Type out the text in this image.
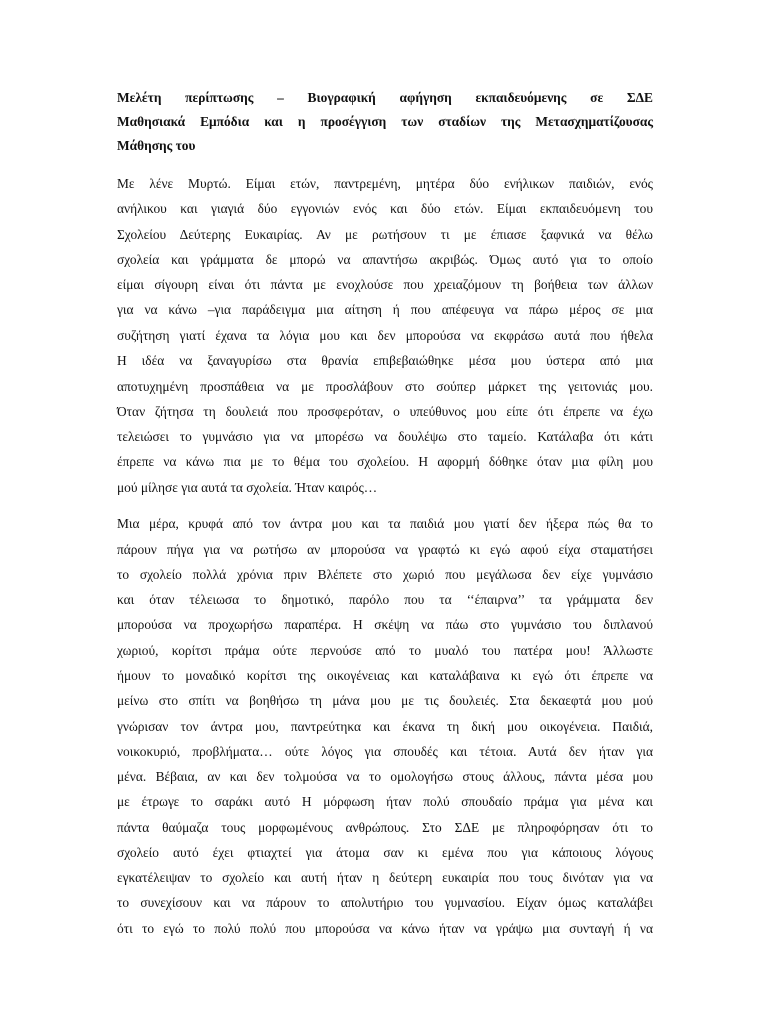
Μελέτη περίπτωσης – Βιογραφική αφήγηση εκπαιδευόμενης σε ΣΔΕ
Μαθησιακά Εμπόδια και η προσέγγιση των σταδίων της Μετασχηματίζουσας
Μάθησης του
Με λένε Μυρτώ. Είμαι ετών, παντρεμένη, μητέρα δύο ενήλικων παιδιών, ενός
ανήλικου και γιαγιά δύο εγγονιών ενός και δύο ετών. Είμαι εκπαιδευόμενη του
Σχολείου Δεύτερης Ευκαιρίας. Αν με ρωτήσουν τι με έπιασε ξαφνικά να θέλω
σχολεία και γράμματα δε μπορώ να απαντήσω ακριβώς. Όμως αυτό για το οποίο
είμαι σίγουρη είναι ότι πάντα με ενοχλούσε που χρειαζόμουν τη βοήθεια των άλλων
για να κάνω –για παράδειγμα μια αίτηση ή που απέφευγα να πάρω μέρος σε μια
συζήτηση γιατί έχανα τα λόγια μου και δεν μπορούσα να εκφράσω αυτά που ήθελα
Η ιδέα να ξαναγυρίσω στα θρανία επιβεβαιώθηκε μέσα μου ύστερα από μια
αποτυχημένη προσπάθεια να με προσλάβουν στο σούπερ μάρκετ της γειτονιάς μου.
Όταν ζήτησα τη δουλειά που προσφερόταν, ο υπεύθυνος μου είπε ότι έπρεπε να έχω
τελειώσει το γυμνάσιο για να μπορέσω να δουλέψω στο ταμείο. Κατάλαβα ότι κάτι
έπρεπε να κάνω πια με το θέμα του σχολείου. Η αφορμή δόθηκε όταν μια φίλη μου
μού μίλησε για αυτά τα σχολεία. Ήταν καιρός…
Μια μέρα, κρυφά από τον άντρα μου και τα παιδιά μου γιατί δεν ήξερα πώς θα το
πάρουν πήγα για να ρωτήσω αν μπορούσα να γραφτώ κι εγώ αφού είχα σταματήσει
το σχολείο πολλά χρόνια πριν Βλέπετε στο χωριό που μεγάλωσα δεν είχε γυμνάσιο
και όταν τέλειωσα το δημοτικό, παρόλο που τα ‘‘έπαιρνα’’ τα γράμματα δεν
μπορούσα να προχωρήσω παραπέρα. Η σκέψη να πάω στο γυμνάσιο του διπλανού
χωριού, κορίτσι πράμα ούτε περνούσε από το μυαλό του πατέρα μου! Άλλωστε
ήμουν το μοναδικό κορίτσι της οικογένειας και καταλάβαινα κι εγώ ότι έπρεπε να
μείνω στο σπίτι να βοηθήσω τη μάνα μου με τις δουλειές. Στα δεκαεφτά μου μού
γνώρισαν τον άντρα μου, παντρεύτηκα και έκανα τη δική μου οικογένεια. Παιδιά,
νοικοκυριό, προβλήματα… ούτε λόγος για σπουδές και τέτοια. Αυτά δεν ήταν για
μένα. Βέβαια, αν και δεν τολμούσα να το ομολογήσω στους άλλους, πάντα μέσα μου
με έτρωγε το σαράκι αυτό Η μόρφωση ήταν πολύ σπουδαίο πράμα για μένα και
πάντα θαύμαζα τους μορφωμένους ανθρώπους. Στο ΣΔΕ με πληροφόρησαν ότι το
σχολείο αυτό έχει φτιαχτεί για άτομα σαν κι εμένα που για κάποιους λόγους
εγκατέλειψαν το σχολείο και αυτή ήταν η δεύτερη ευκαιρία που τους δινόταν για να
το συνεχίσουν και να πάρουν το απολυτήριο του γυμνασίου. Είχαν όμως καταλάβει
ότι το εγώ το πολύ πολύ που μπορούσα να κάνω ήταν να γράψω μια συνταγή ή να
